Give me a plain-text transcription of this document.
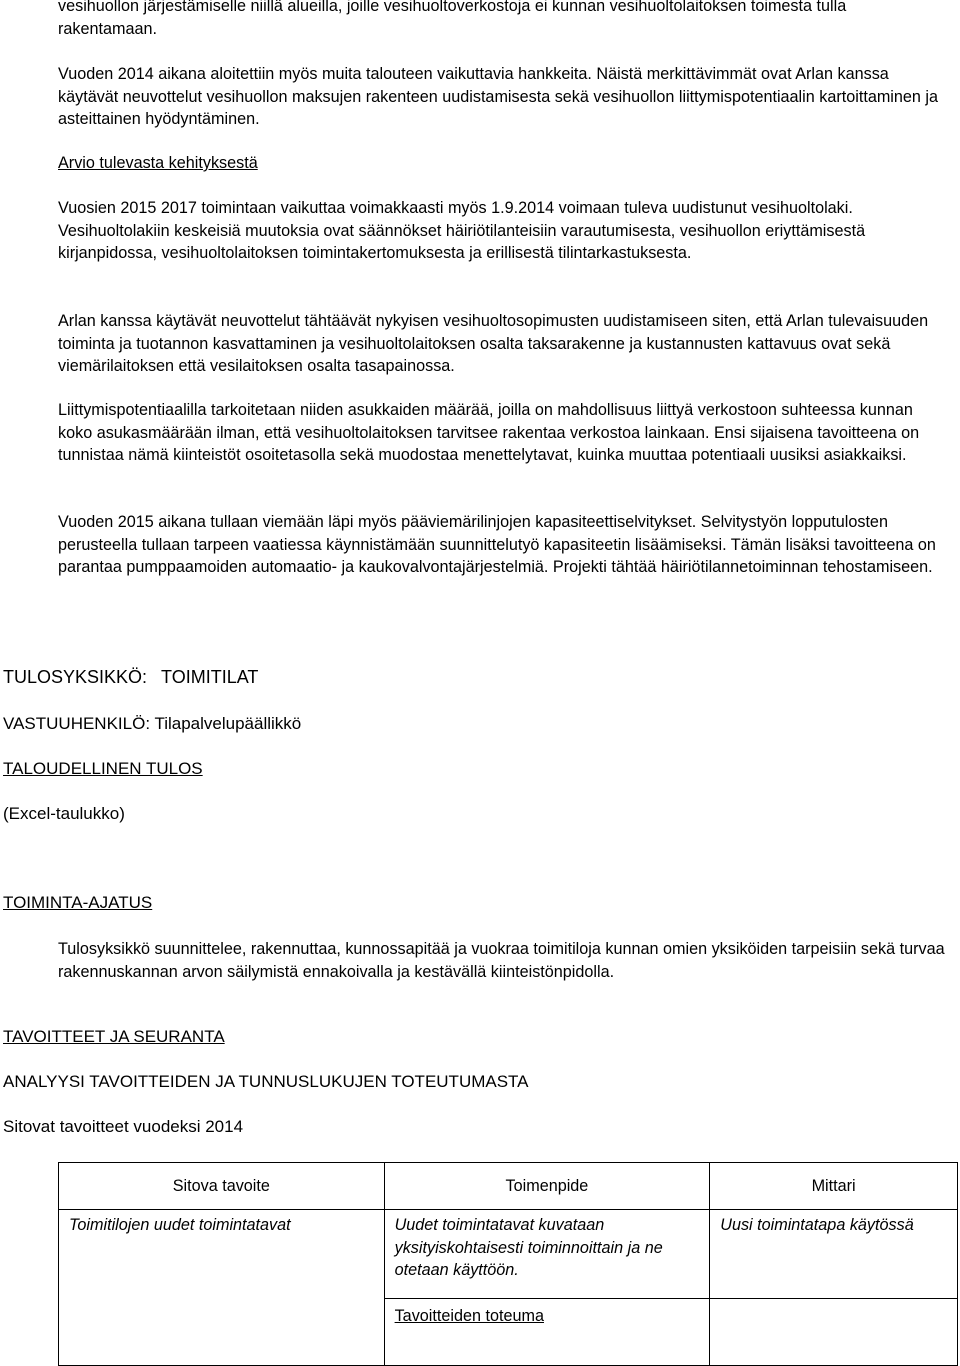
vesihuollon järjestämiselle niillä alueilla, joille vesihuoltoverkostoja ei kunnan vesihuoltolaitoksen toimesta tulla rakentamaan.

Vuoden 2014 aikana aloitettiin myös muita talouteen vaikuttavia hankkeita. Näistä merkittävimmät ovat Arlan kanssa käytävät neuvottelut vesihuollon maksujen rakenteen uudistamisesta sekä vesihuollon liittymispotentiaalin kartoittaminen ja asteittainen hyödyntäminen.

Arvio tulevasta kehityksestä

Vuosien 2015 2017 toimintaan vaikuttaa voimakkaasti myös 1.9.2014 voimaan tuleva uudistunut vesihuoltolaki. Vesihuoltolakiin keskeisiä muutoksia ovat säännökset häiriötilanteisiin varautumisesta, vesihuollon eriyttämisestä kirjanpidossa, vesihuoltolaitoksen toimintakertomuksesta ja erillisestä tilintarkastuksesta.

Arlan kanssa käytävät neuvottelut tähtäävät nykyisen vesihuoltosopimusten uudistamiseen siten, että Arlan tulevaisuuden toiminta ja tuotannon kasvattaminen ja vesihuoltolaitoksen osalta taksarakenne ja kustannusten kattavuus ovat sekä viemärilaitoksen että vesilaitoksen osalta tasapainossa.

Liittymispotentiaalilla tarkoitetaan niiden asukkaiden määrää, joilla on mahdollisuus liittyä verkostoon suhteessa kunnan koko asukasmäärään ilman, että vesihuoltolaitoksen tarvitsee rakentaa verkostoa lainkaan. Ensi sijaisena tavoitteena on tunnistaa nämä kiinteistöt osoitetasolla sekä muodostaa menettelytavat, kuinka muuttaa potentiaali uusiksi asiakkaiksi.

Vuoden 2015 aikana tullaan viemään läpi myös pääviemärilinjojen kapasiteettiselvitykset. Selvitystyön lopputulosten perusteella tullaan tarpeen vaatiessa käynnistämään suunnittelutyö kapasiteetin lisäämiseksi. Tämän lisäksi tavoitteena on parantaa pumppaamoiden automaatio- ja kaukovalvontajärjestelmiä. Projekti tähtää häiriötilannetoiminnan tehostamiseen.

TULOSYKSIKKÖ: TOIMITILAT

VASTUUHENKILÖ: Tilapalvelupäällikkö

TALOUDELLINEN TULOS

(Excel-taulukko)

TOIMINTA-AJATUS

Tulosyksikkö suunnittelee, rakennuttaa, kunnossapitää ja vuokraa toimitiloja kunnan omien yksiköiden tarpeisiin sekä turvaa rakennuskannan arvon säilymistä ennakoivalla ja kestävällä kiinteistönpidolla.

TAVOITTEET JA SEURANTA

ANALYYSI TAVOITTEIDEN JA TUNNUSLUKUJEN TOTEUTUMASTA

Sitovat tavoitteet vuodeksi 2014

Sitova tavoite	Toimenpide	Mittari
Toimitilojen uudet toimintatavat	Uudet toimintatavat kuvataan yksityiskohtaisesti toiminnoittain ja ne otetaan käyttöön.	Uusi toimintatapa käytössä
	Tavoitteiden toteuma	
